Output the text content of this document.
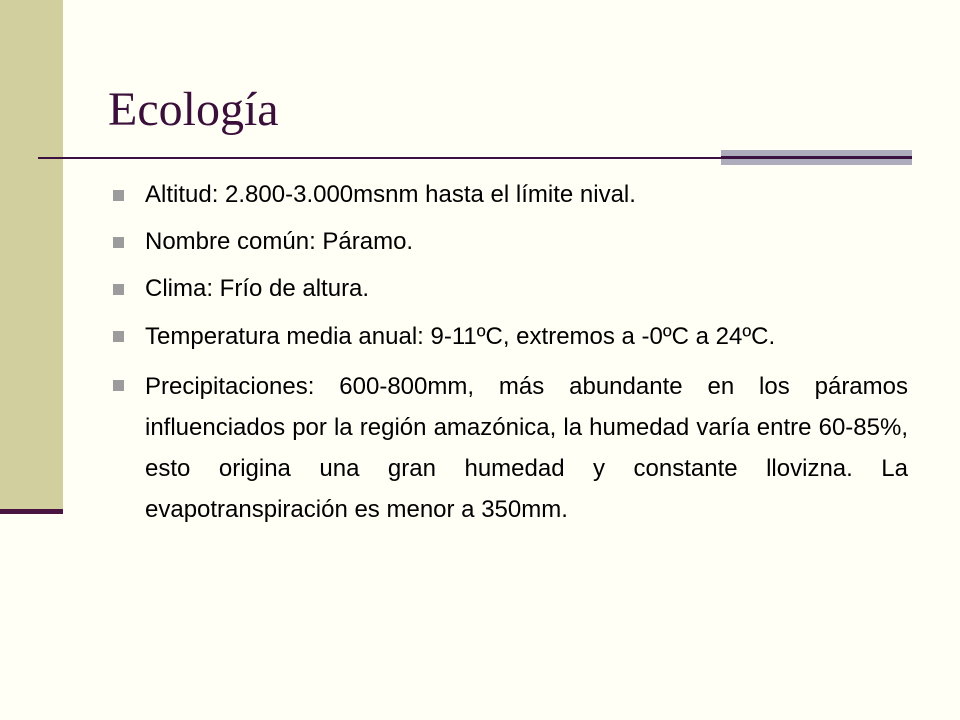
Ecología
Altitud: 2.800-3.000msnm hasta el límite nival.
Nombre común: Páramo.
Clima: Frío de altura.
Temperatura media anual: 9-11ºC, extremos a -0ºC a 24ºC.
Precipitaciones: 600-800mm, más abundante en los páramos influenciados por la región amazónica, la humedad varía entre 60-85%, esto origina una gran humedad y constante llovizna. La evapotranspiración es menor a 350mm.
